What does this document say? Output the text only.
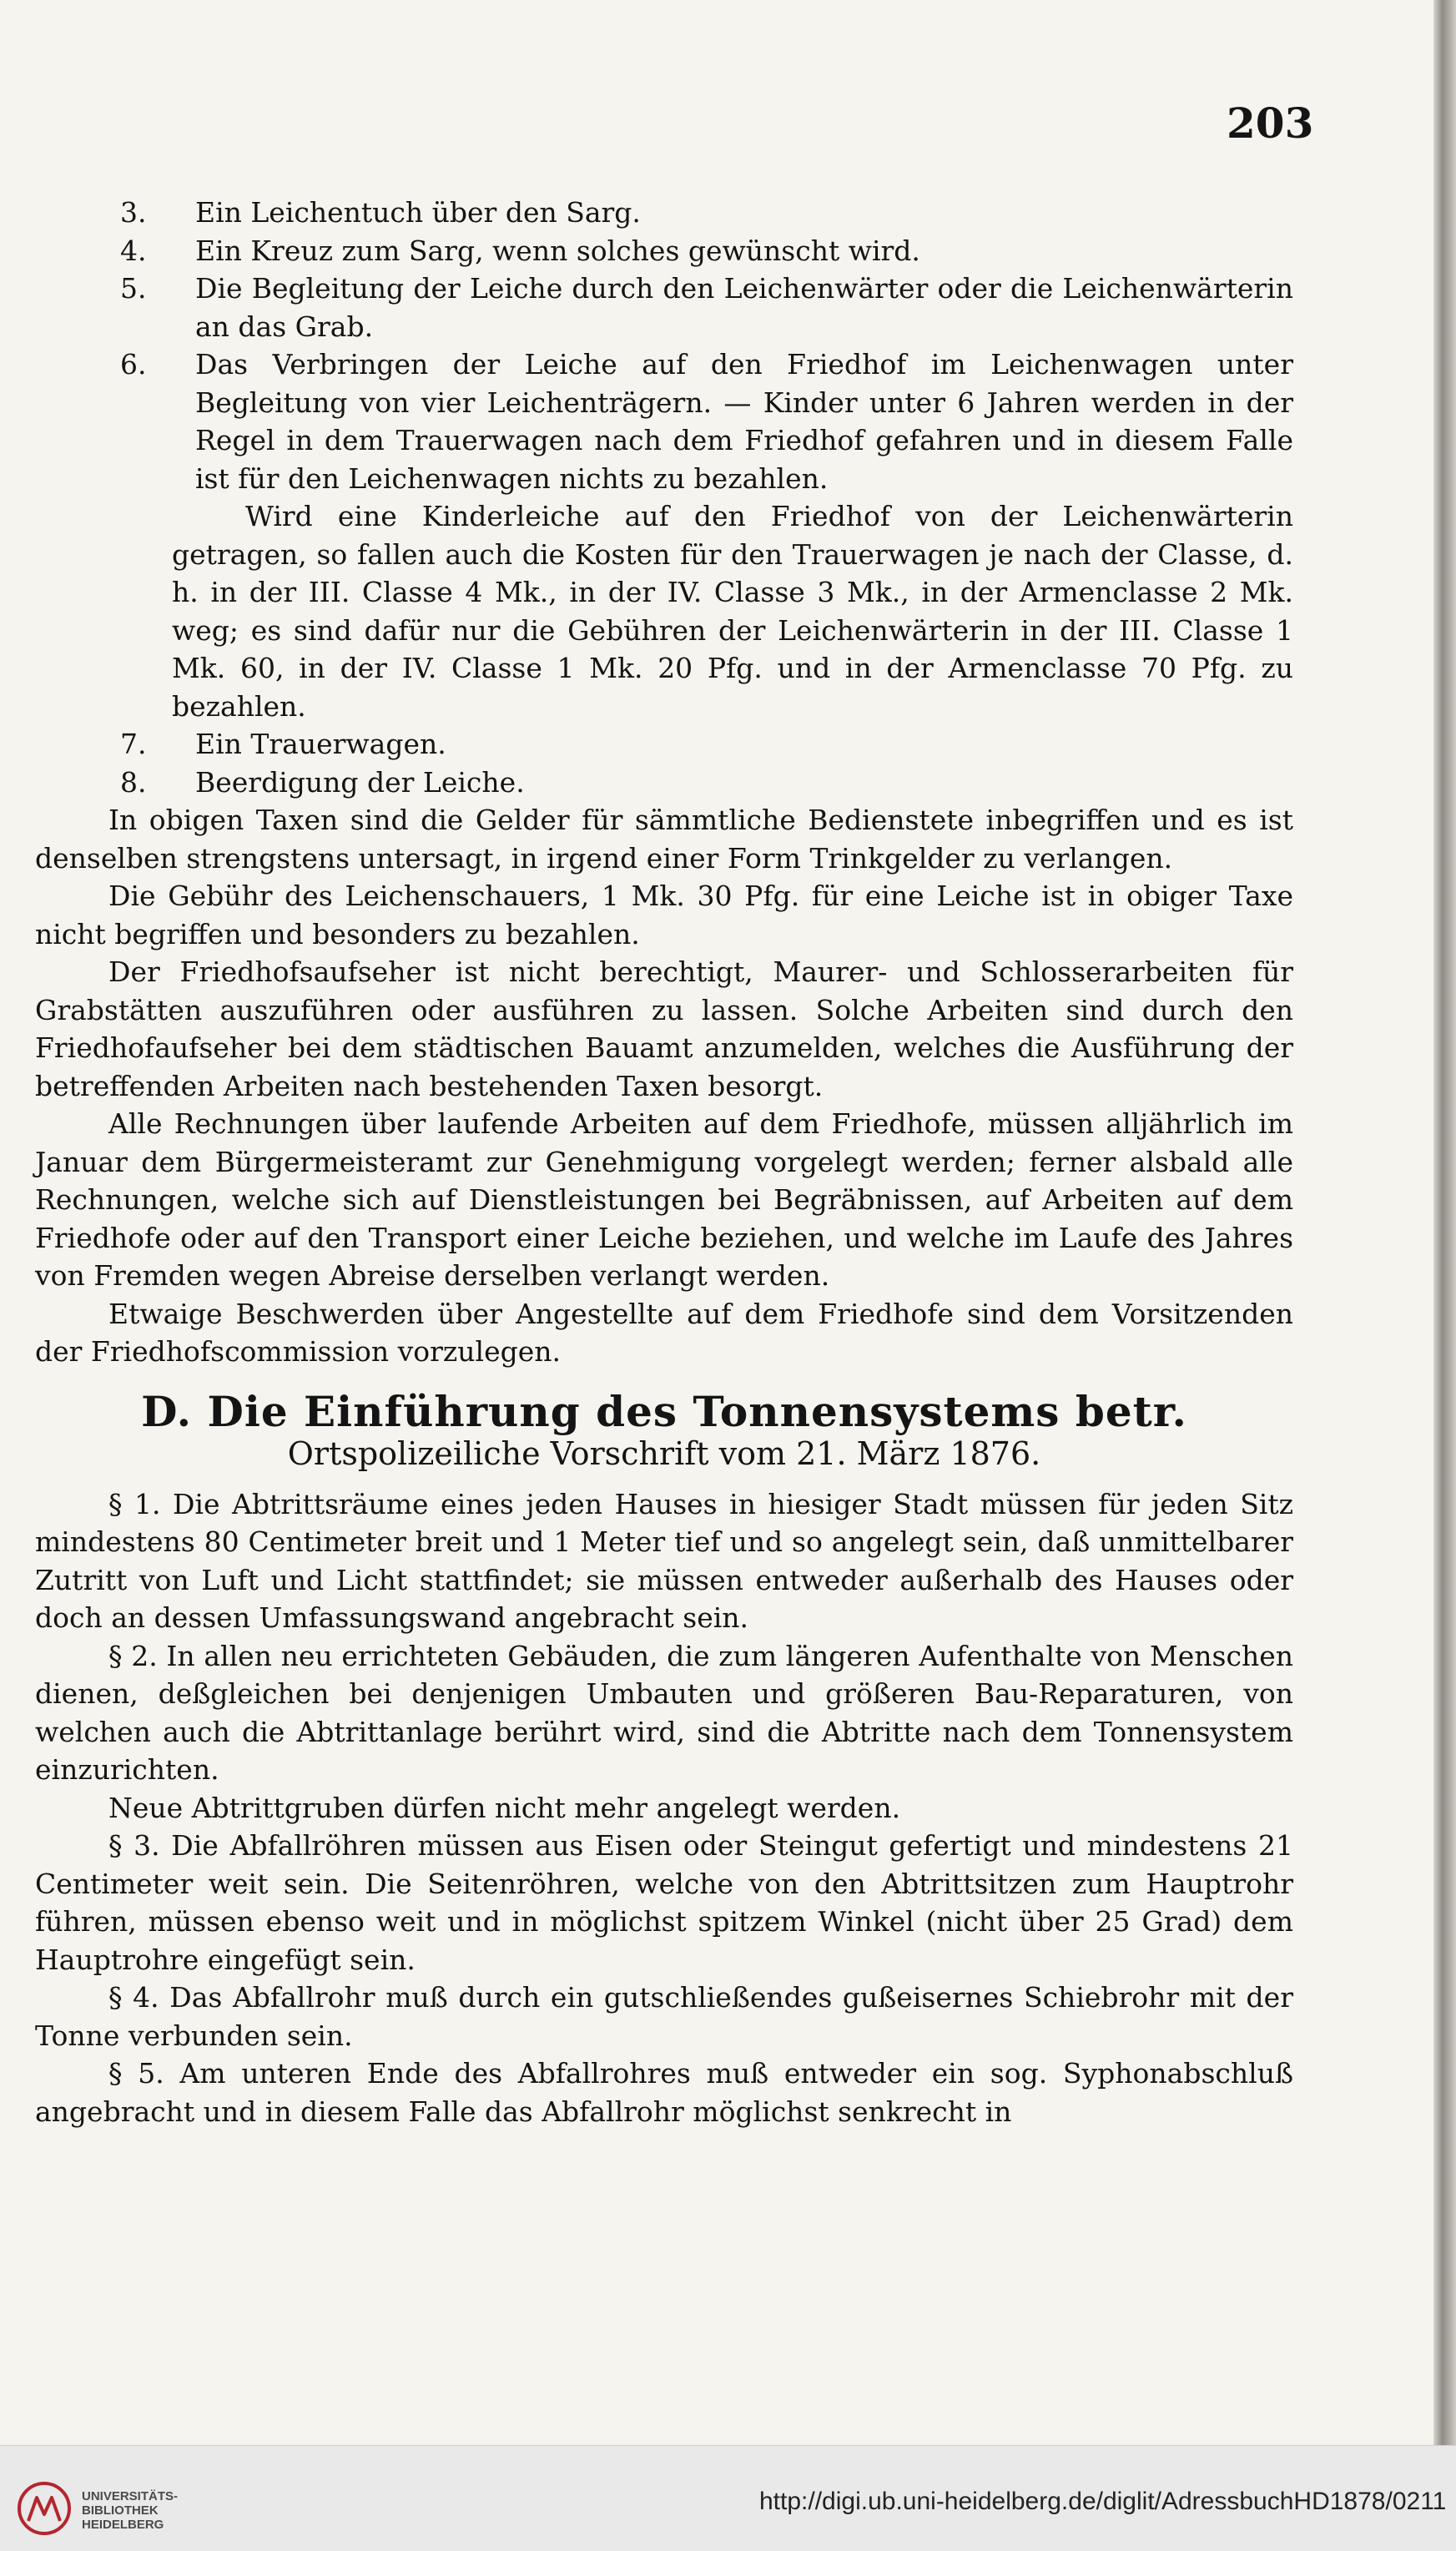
203
3.	Ein Leichentuch über den Sarg.
4.	Ein Kreuz zum Sarg, wenn solches gewünscht wird.
5.	Die Begleitung der Leiche durch den Leichenwärter oder die Leichenwärterin an das Grab.
6.	Das Verbringen der Leiche auf den Friedhof im Leichenwagen unter Begleitung von vier Leichenträgern. — Kinder unter 6 Jahren werden in der Regel in dem Trauerwagen nach dem Friedhof gefahren und in diesem Falle ist für den Leichenwagen nichts zu bezahlen.

Wird eine Kinderleiche auf den Friedhof von der Leichenwärterin getragen, so fallen auch die Kosten für den Trauerwagen je nach der Classe, d. h. in der III. Classe 4 Mk., in der IV. Classe 3 Mk., in der Armenclasse 2 Mk. weg; es sind dafür nur die Gebühren der Leichenwärterin in der III. Classe 1 Mk. 60, in der IV. Classe 1 Mk. 20 Pfg. und in der Armenclasse 70 Pfg. zu bezahlen.

7.	Ein Trauerwagen.
8.	Beerdigung der Leiche.

In obigen Taxen sind die Gelder für sämmtliche Bedienstete inbegriffen und es ist denselben strengstens untersagt, in irgend einer Form Trinkgelder zu verlangen.

Die Gebühr des Leichenschauers, 1 Mk. 30 Pfg. für eine Leiche ist in obiger Taxe nicht begriffen und besonders zu bezahlen.

Der Friedhofsaufseher ist nicht berechtigt, Maurer- und Schlosserarbeiten für Grabstätten auszuführen oder ausführen zu lassen. Solche Arbeiten sind durch den Friedhofaufseher bei dem städtischen Bauamt anzumelden, welches die Ausführung der betreffenden Arbeiten nach bestehenden Taxen besorgt.

Alle Rechnungen über laufende Arbeiten auf dem Friedhofe, müssen alljährlich im Januar dem Bürgermeisteramt zur Genehmigung vorgelegt werden; ferner alsbald alle Rechnungen, welche sich auf Dienstleistungen bei Begräbnissen, auf Arbeiten auf dem Friedhofe oder auf den Transport einer Leiche beziehen, und welche im Laufe des Jahres von Fremden wegen Abreise derselben verlangt werden.

Etwaige Beschwerden über Angestellte auf dem Friedhofe sind dem Vorsitzenden der Friedhofscommission vorzulegen.

D. Die Einführung des Tonnensystems betr.
Ortspolizeiliche Vorschrift vom 21. März 1876.

§ 1. Die Abtrittsräume eines jeden Hauses in hiesiger Stadt müssen für jeden Sitz mindestens 80 Centimeter breit und 1 Meter tief und so angelegt sein, daß unmittelbarer Zutritt von Luft und Licht stattfindet; sie müssen entweder außerhalb des Hauses oder doch an dessen Umfassungswand angebracht sein.

§ 2. In allen neu errichteten Gebäuden, die zum längeren Aufenthalte von Menschen dienen, deßgleichen bei denjenigen Umbauten und größeren Bau-Reparaturen, von welchen auch die Abtrittanlage berührt wird, sind die Abtritte nach dem Tonnensystem einzurichten.

Neue Abtrittgruben dürfen nicht mehr angelegt werden.

§ 3. Die Abfallröhren müssen aus Eisen oder Steingut gefertigt und mindestens 21 Centimeter weit sein. Die Seitenröhren, welche von den Abtrittsitzen zum Hauptrohr führen, müssen ebenso weit und in möglichst spitzem Winkel (nicht über 25 Grad) dem Hauptrohre eingefügt sein.

§ 4. Das Abfallrohr muß durch ein gutschließendes gußeisernes Schiebrohr mit der Tonne verbunden sein.

§ 5. Am unteren Ende des Abfallrohres muß entweder ein sog. Syphonabschluß angebracht und in diesem Falle das Abfallrohr möglichst senkrecht in

UNIVERSITÄTS-
BIBLIOTHEK
HEIDELBERG
http://digi.ub.uni-heidelberg.de/diglit/AdressbuchHD1878/0211
